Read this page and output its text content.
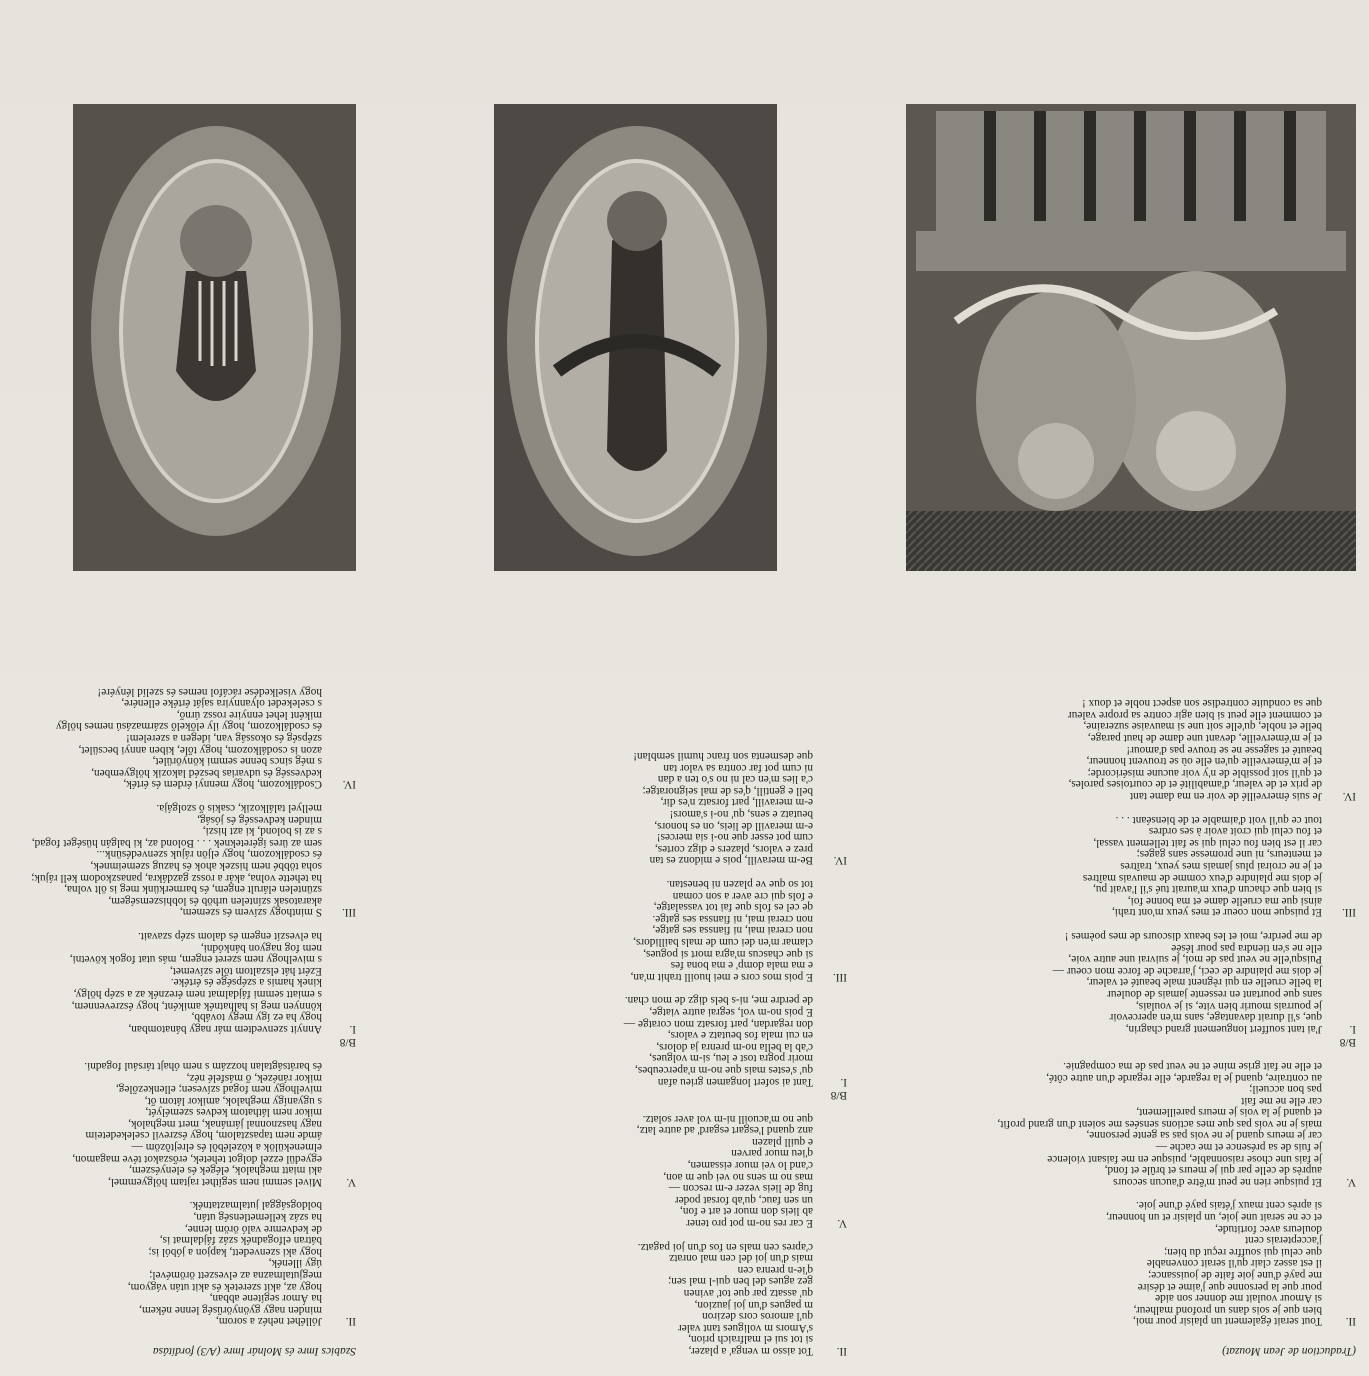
Szabics Imre és Molnár Imre (A/3) fordítása
II.
Jólléhet nehéz a sorom,
minden nagy gyönyörűség lenne nékem,
ha Ámor segítene abban,
hogy az, akit szeretek és akit után vágyom,
megjutalmazna az elveszett örömével;
úgy illenék,
hogy aki szenvedett, kapjon a jóból is;
bátran elfogadnék száz fájdalmat is,
de kedvemre való öröm lenne,
ha száz kellemetlenség után,
boldogsággal jutalmaztatnék.
V.
Mivel semmi nem segíthet rajtam hölgyemmel,
aki miatt meghalok, elégek és elenyészem,
egyedül ezzel dolgot tehetek, erőszakot téve magamon,
elmenekülök a közelébõl és elrejtõzöm —
ámde nem tapasztalom, hogy észrevil cselekedeteim
nagy hasznonnal járnának, mert meghalok,
mikor nem láthatom kedves személyét,
s ugyanígy meghalok, amikor látom őt,
mivelhogy nem fogad szívesen; ellenkezőleg,
mikor ránézek, ő másfelé néz,
és barátságtalan hozzám s nem óhajt társául fogadni.
B/8
I.
Annyit szenvedtem már nagy bánatomban,
hogy ha ez így megy tovább,
könnyen meg is halhatnék amiként, hogy észrevennem,
s emiatt semmi fájdalmat nem éreznék az a szép hölgy,
kinek hamis a szépsége és értéke.
Ezért hát elszaltom tőle szívemet,
s mivelhogy nem szeret engem, más utat fogok követni,
nem fog nagyon bánkódni,
ha elveszít engem és dalom szép szavait.
III.
S minthogy szívem és szemem,
akaratosak színtelen urhöb és lobhiszemségem,
szüntelen elárult engem, és barmerkünk meg is ölt volna,
ha tehette volna, akár a rossz gazdákra, panaszkodom kell rájuk;
soha többé nem hiszek ahok és hazug szemeimnek,
és csodálkozom, hogy eljön rájuk szenvedésünk...
sem az üres ígéreteknek . . . Bolond az, ki balgán hüséget fogad,
s az is bolond, ki azt hiszi,
minden kedvesség és jóság,
mellyel találkozik, csakis ő szolgája.
IV.
Csodálkozom, hogy mennyi érdem és érték,
kedvesség és udvarias beszéd lakozik hölgyemben,
s még sincs benne semmi könyörület,
azon is csodálkozom, hogy tőle, kiben annyi becsület,
szépség és okosság van, idegen a szerelem!
és csodálkozom, hogy ily előkelő származású nemes hölgy
miként lehet ennyire rossz úrnő,
s cselekedet olyannyira saját értéke ellenére,
hogy viselkedése rácáfol nemes és szelíd lényére!
II.
Tot aisso m venga' a plazer,
si tot sui el malfraich prion,
s'Amors m voligues tant valer
qu'l amoros cors deziron
m pagues d'un joi jauzion,
qu' assatz par que tot' avinen
gez agues del ben qui-l mal sen;
q'ie-n prenra cen
mais d'un joi del cen mal onratz
c'apres cen mals en fos d'un joi pagatz.
V.
E car res no-m pot pro tener
ab lieis don muor et art e fon,
un sen fauc, qu'ab forsat poder
fug de lieis vezer e-m rescon —
mas no m sens no vei que m aon,
c'and lo vei muor eissamen,
q'ieu muor parven
e quill plazen
anz quand l'esgart esgard' ad autre latz,
que no m'acuoill ni-m vol aver solatz.
B/8
I.
Tant ai sofert longamen grieu afan
qu' s'estes mais que no-m n'aperceubes,
morir pogra tost e leu, si-m volgues,
c'ab la bella no-m prenra ja dolors,
en cui mala fos beutatz e valors,
don regardan, part forsatz mon coratge —
E pois no-m vol, segrai autre viatge,
de perdre me, ni-s bels digz de mon chan.
III.
E pois mos cors e mei huoill trahit m'an,
e ma mala domp' e ma bona fes
si que chascus m'agra mort si pogues,
clamar m'en dei cum de mals baillidors,
non crerai mai, ni fianssa ses gatge,
non crerai mai, ni fianssa ses gatge.
qe cel es fols que fai tot vassalatge,
e fols qui cre aver a son coman
tot so que ve plazen ni benestan.
IV.
Be-m meravill, pois e midonz es tan
prez e valors, plazers e digz cortes,
cum pot esser que no-i sia merces!
e-m meravill de lieis, on es honors,
beutatz e sens, qu' no-i s'amors!
e-m meravill, part forsatz n'es dir,
bell e gentill, q'es de mal seignoratge;
c'a lies m'en cal ni no s'o ten a dan
ni cum pot far contra sa valor tan
que desmenta son franc humil semblan!
(Traduction de Jean Mouzat)
II.
Tout serait également un plaisir pour moi,
bien que je sois dans un profond malheur,
si Amour voulait me donner son aide
pour que la personne que j'aime et désire
me payé d'une joie faite de jouissance;
il est assez clair qu'il serait convenable
que celui qui souffre reçut du bien;
j'accepterais cent
douleurs avec fortitude,
et ce ne serait une joie, un plaisir et un honneur,
si après cent maux j'étais payé d'une joie.
V.
Et puisque rien ne peut m'être d'aucun secours
auprès de celle par qui je meurs et brûle et fond,
je fais une chose raisonnable, puisque en me faisant violence
je fuis de sa présence et me cache —
car je meurs quand je ne vois pas sa gente personne,
mais je ne vois pas que mes actions sensées me soient d'un grand profit,
et quand je la vois je meurs pareillement,
car elle ne me fait
pas bon accueil;
au contraire, quand je la regarde, elle regarde d'un autre côté,
et elle ne fait grise mine et ne veut pas de ma compagnie.
B/8
I.
J'ai tant souffert longuement grand chagrin,
que, s'il durait davantage, sans m'en apercevoir
je pourrais mourir bien vite, si je voulais,
sans que pourtant en ressente jamais de douleur
la belle cruelle en qui règnent male beauté et valeur,
je dois me plaindre de ceci, j'arrache de force mon coeur —
Puisqu'elle ne veut pas de moi, je suivrai une autre voie,
elle ne s'en tiendra pas pour lésée
de me perdre, moi et les beaux discours de mes poèmes !
III.
Et puisque mon coeur et mes yeux m'ont trahi,
ainsi que ma cruelle dame et ma bonne foi,
si bien que chacun d'eux m'aurait tué s'il l'avait pu,
je dois me plaindre d'eux comme de mauvais maîtres
et je ne croirai plus jamais mes yeux, traîtres
et menteurs, ni une promesse sans gages;
car il est bien fou celui qui se fait tellement vassal,
et fou celui qui croit avoir à ses ordres
tout ce qu'il voit d'aimable et de bienséant . . .
IV.
Je suis émerveillé de voir en ma dame tant
de prix et de valeur, d'amabilité et de courtoises paroles,
et qu'il soit possible de n'y voir aucune miséricorde;
et je m'émerveille qu'en elle où se trouvent honneur,
beauté et sagesse ne se trouve pas d'amour!
et je m'émerveille, devant une dame de haut parage,
belle et noble, qu'elle soit une si mauvaise suzeraine,
et comment elle peut si bien agir contre sa propre valeur
que sa conduite contredise son aspect noble et doux !
